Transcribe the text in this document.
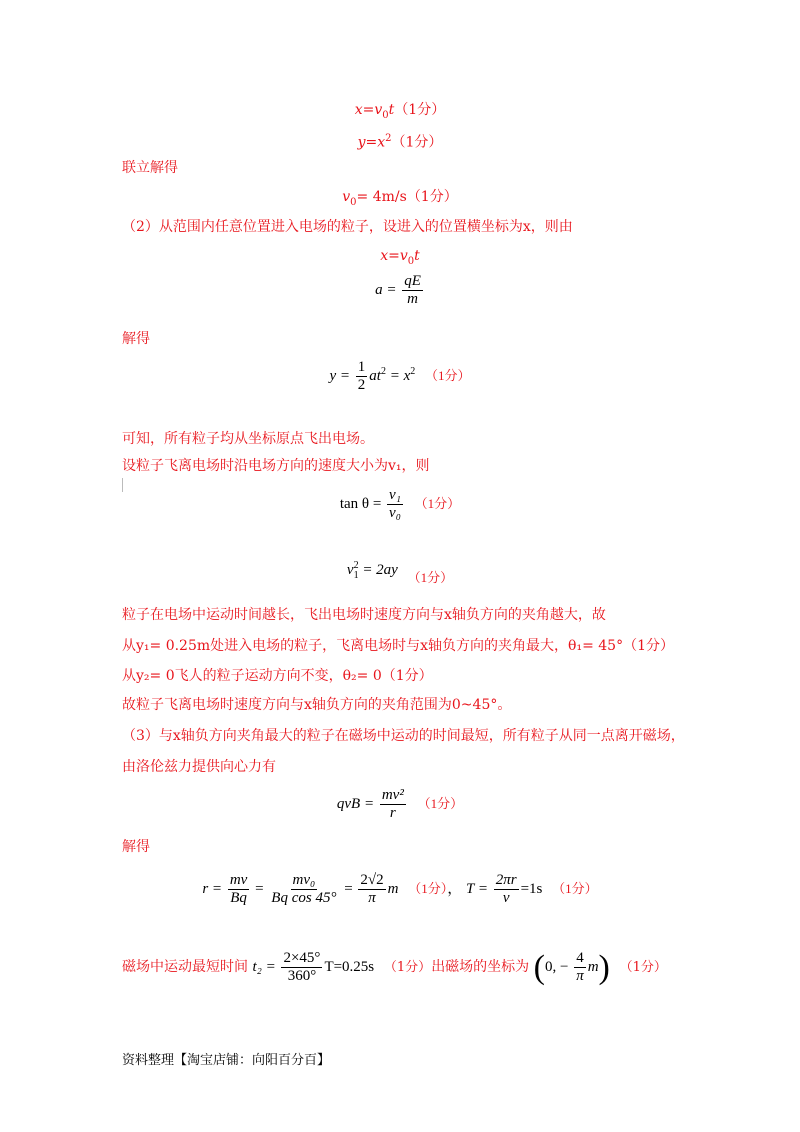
$x=v_0t(1$分）
$y=x^2(1$分）
联立解得
$v_0= 4m/s(1$分）
（2）从范围内任意位置进入电场的粒子，设进入的位置横坐标为x，则由
$x=v_0t$
$a = \frac{qE}{m}$
解得
$y = \frac{1}{2} at^2 = x^2$ （1分）
可知，所有粒子均从坐标原点飞出电场。
设粒子飞离电场时沿电场方向的速度大小为v₁，则
$\tan \theta = \frac{\text{v₁}}{\text{v₀}} (1$分）
$v^2_1 = 2ay$ （1分）
粒子在电场中运动时间越长，飞出电场时速度方向与x轴负方向的夹角越大，故
从y₁= 0.25m处进入电场的粒子，飞离电场时与x轴负方向的夹角最大，θ₁= 45°（1分）
从y₂= 0飞人的粒子运动方向不变，θ₂= 0（1分）
故粒子飞离电场时速度方向与x轴负方向的夹角范围为0~45°。
（3）与x轴负方向夹角最大的粒子在磁场中运动的时间最短，所有粒子从同一点离开磁场，
由洛伦兹力提供向心力有
qvB = $\frac{\text{mv²}}{r} (1$分）
解得
$r = \frac{mv}{Bq} = \frac{\text{mv₀}}{\text{Bq cos 45°}} = \frac{2√2}{\pi}$ m （1分）， $T = \frac{2\pi r}{v} =1s$ （1分）
磁场中运动最短时间 $t_2 = \frac{2\times 45^\circ}{360^\circ} T=0.25s$ （1分）出磁场的坐标为 (0, − $\frac{4}{\pi} m$) （1分）
资料整理【淘宝店铺：向阳百分百】
